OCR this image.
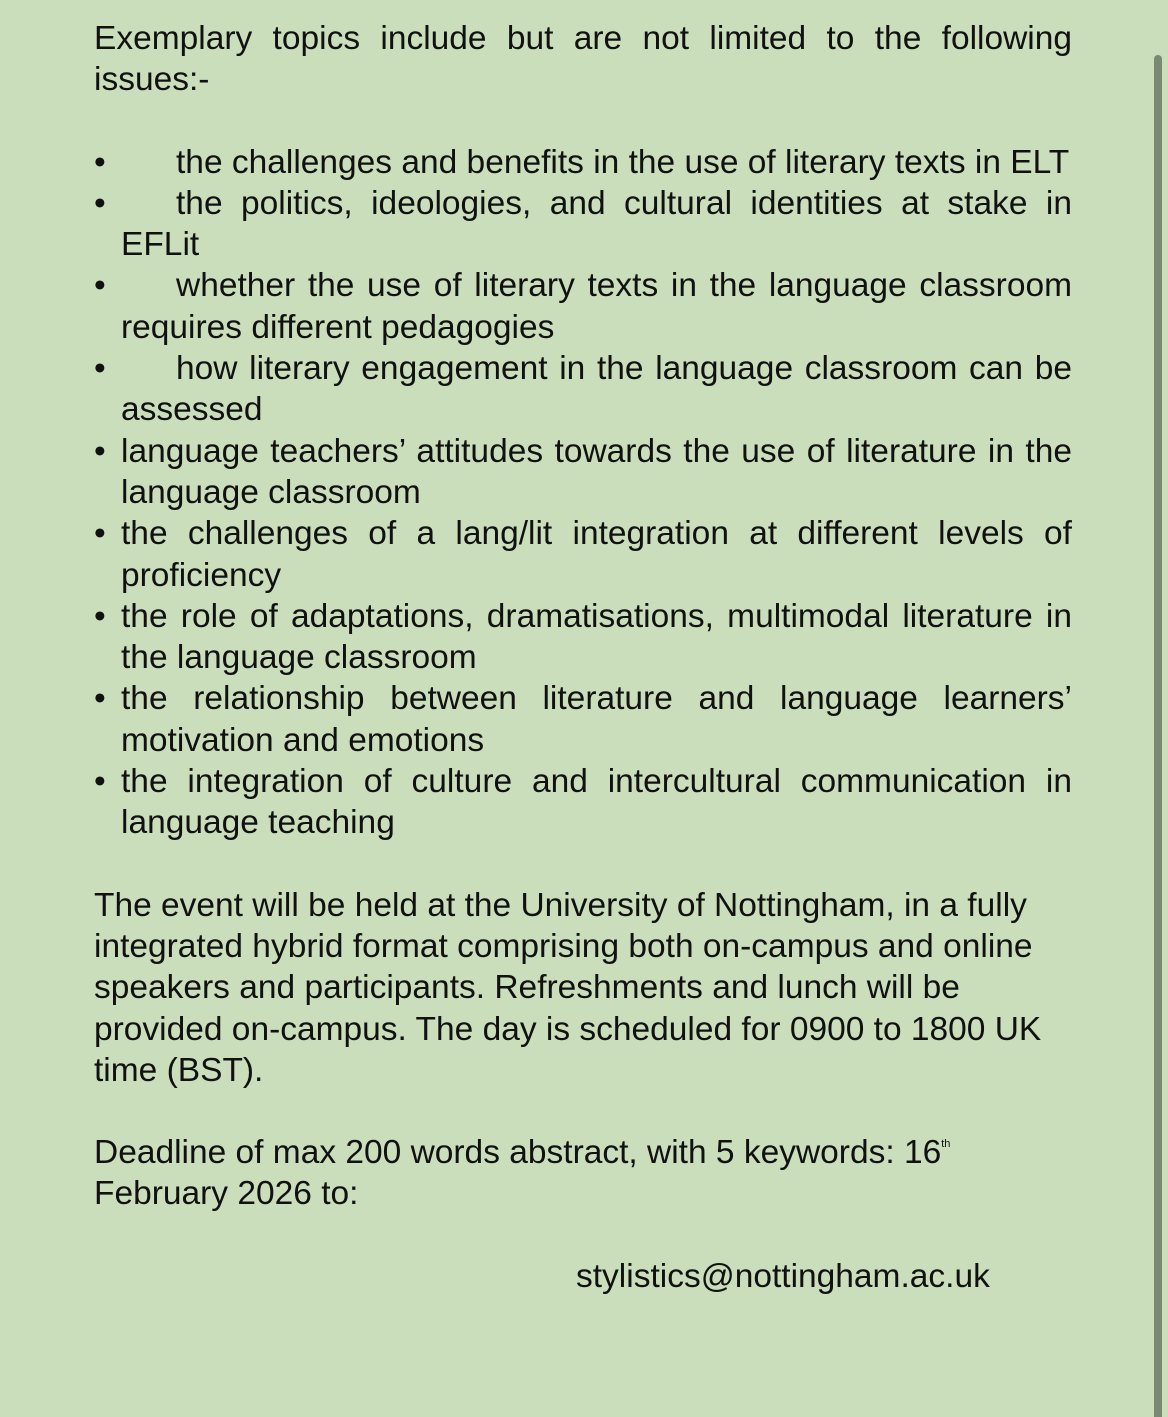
Exemplary topics include but are not limited to the following issues:-

• the challenges and benefits in the use of literary texts in ELT
• the politics, ideologies, and cultural identities at stake in EFLit
• whether the use of literary texts in the language classroom requires different pedagogies
• how literary engagement in the language classroom can be assessed
• language teachers’ attitudes towards the use of literature in the language classroom
• the challenges of a lang/lit integration at different levels of proficiency
• the role of adaptations, dramatisations, multimodal literature in the language classroom
• the relationship between literature and language learners’ motivation and emotions
• the integration of culture and intercultural communication in language teaching

The event will be held at the University of Nottingham, in a fully integrated hybrid format comprising both on-campus and online speakers and participants. Refreshments and lunch will be provided on-campus. The day is scheduled for 0900 to 1800 UK time (BST).

Deadline of max 200 words abstract, with 5 keywords: 16th
February 2026 to:

stylistics@nottingham.ac.uk
